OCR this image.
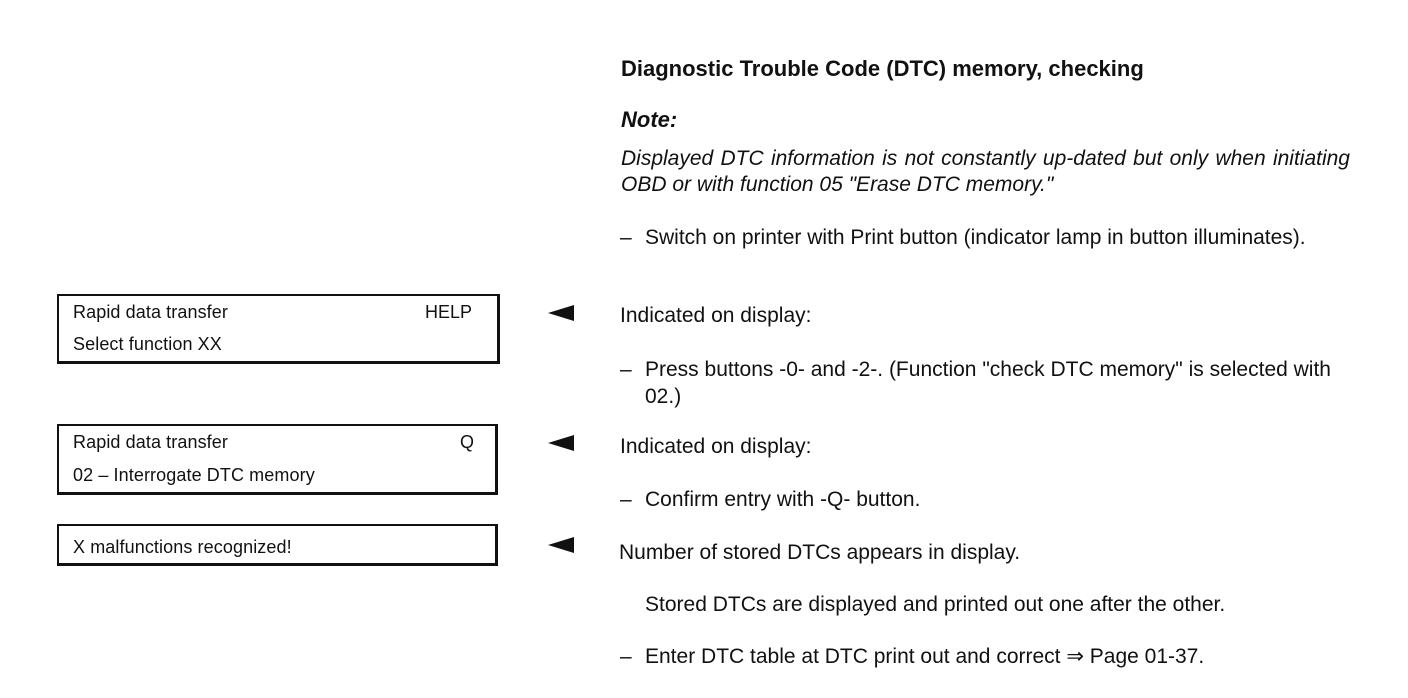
Rapid data transfer	HELP
Select function XX
Rapid data transfer	Q
02 – Interrogate DTC memory
X malfunctions recognized!
Diagnostic Trouble Code (DTC) memory, checking
Note:
Displayed DTC information is not constantly up-dated but only when initiating OBD or with function 05 "Erase DTC memory."
– Switch on printer with Print button (indicator lamp in button illuminates).
Indicated on display:
– Press buttons -0- and -2-. (Function "check DTC memory" is selected with 02.)
Indicated on display:
– Confirm entry with -Q- button.
Number of stored DTCs appears in display.
Stored DTCs are displayed and printed out one after the other.
– Enter DTC table at DTC print out and correct ⇒ Page 01-37.
